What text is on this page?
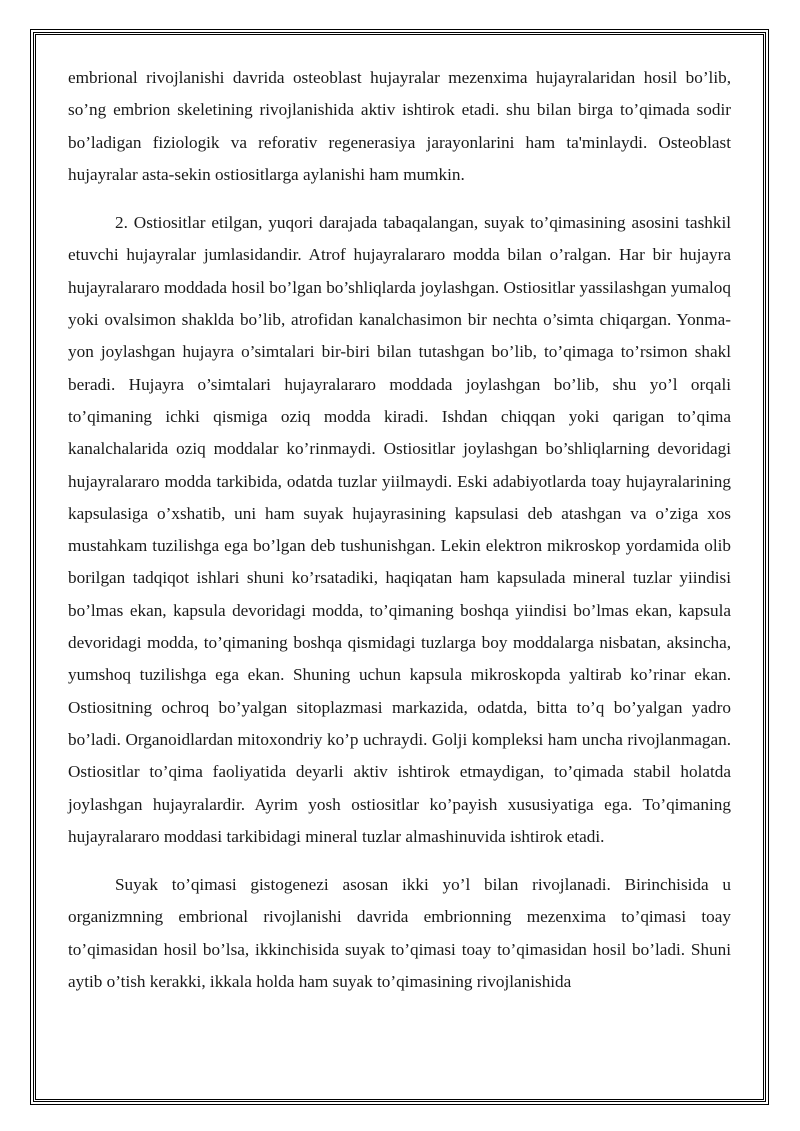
embrional rivojlanishi davrida osteoblast hujayralar mezenxima hujayralaridan hosil bo’lib, so’ng embrion skeletining rivojlanishida aktiv ishtirok etadi. shu bilan birga to’qimada sodir bo’ladigan fiziologik va reforativ regenerasiya jarayonlarini ham ta'minlaydi. Osteoblast hujayralar asta-sekin ostiositlarga aylanishi ham mumkin.

2. Ostiositlar etilgan, yuqori darajada tabaqalangan, suyak to’qimasining asosini tashkil etuvchi hujayralar jumlasidandir. Atrof hujayralararo modda bilan o’ralgan. Har bir hujayra hujayralararo moddada hosil bo’lgan bo’shliqlarda joylashgan. Ostiositlar yassilashgan yumaloq yoki ovalsimon shaklda bo’lib, atrofidan kanalchasimon bir nechta o’simta chiqargan. Yonma-yon joylashgan hujayra o’simtalari bir-biri bilan tutashgan bo’lib, to’qimaga to’rsimon shakl beradi. Hujayra o’simtalari hujayralararo moddada joylashgan bo’lib, shu yo’l orqali to’qimaning ichki qismiga oziq modda kiradi. Ishdan chiqqan yoki qarigan to’qima kanalchalarida oziq moddalar ko’rinmaydi. Ostiositlar joylashgan bo’shliqlarning devoridagi hujayralararo modda tarkibida, odatda tuzlar yiilmaydi. Eski adabiyotlarda toay hujayralarining kapsulasiga o’xshatib, uni ham suyak hujayrasining kapsulasi deb atashgan va o’ziga xos mustahkam tuzilishga ega bo’lgan deb tushunishgan. Lekin elektron mikroskop yordamida olib borilgan tadqiqot ishlari shuni ko’rsatadiki, haqiqatan ham kapsulada mineral tuzlar yiindisi bo’lmas ekan, kapsula devoridagi modda, to’qimaning boshqa yiindisi bo’lmas ekan, kapsula devoridagi modda, to’qimaning boshqa qismidagi tuzlarga boy moddalarga nisbatan, aksincha, yumshoq tuzilishga ega ekan. Shuning uchun kapsula mikroskopda yaltirab ko’rinar ekan. Ostiositning ochroq bo’yalgan sitoplazmasi markazida, odatda, bitta to’q bo’yalgan yadro bo’ladi. Organoidlardan mitoxondriy ko’p uchraydi. Golji kompleksi ham uncha rivojlanmagan. Ostiositlar to’qima faoliyatida deyarli aktiv ishtirok etmaydigan, to’qimada stabil holatda joylashgan hujayralardir. Ayrim yosh ostiositlar ko’payish xususiyatiga ega. To’qimaning hujayralararo moddasi tarkibidagi mineral tuzlar almashinuvida ishtirok etadi.

Suyak to’qimasi gistogenezi asosan ikki yo’l bilan rivojlanadi. Birinchisida u organizmning embrional rivojlanishi davrida embrionning mezenxima to’qimasi toay to’qimasidan hosil bo’lsa, ikkinchisida suyak to’qimasi toay to’qimasidan hosil bo’ladi. Shuni aytib o’tish kerakki, ikkala holda ham suyak to’qimasining rivojlanishida
